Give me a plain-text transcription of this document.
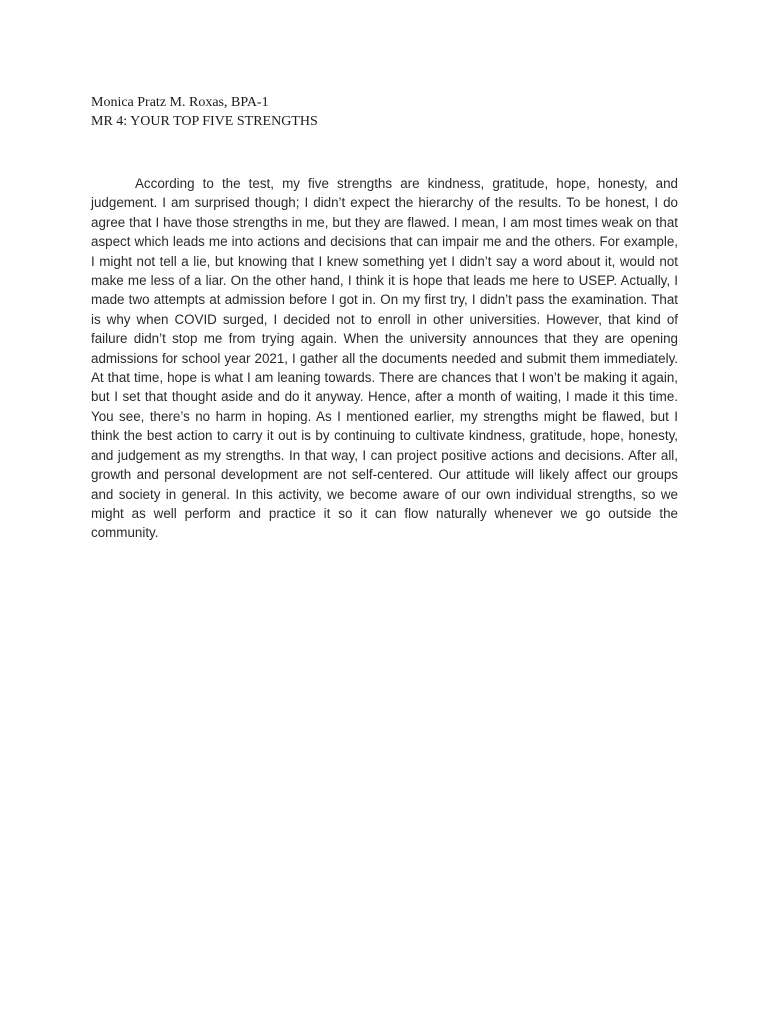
Monica Pratz M. Roxas, BPA-1
MR 4: YOUR TOP FIVE STRENGTHS

According to the test, my five strengths are kindness, gratitude, hope, honesty, and judgement. I am surprised though; I didn’t expect the hierarchy of the results. To be honest, I do agree that I have those strengths in me, but they are flawed. I mean, I am most times weak on that aspect which leads me into actions and decisions that can impair me and the others. For example, I might not tell a lie, but knowing that I knew something yet I didn’t say a word about it, would not make me less of a liar. On the other hand, I think it is hope that leads me here to USEP. Actually, I made two attempts at admission before I got in. On my first try, I didn’t pass the examination. That is why when COVID surged, I decided not to enroll in other universities. However, that kind of failure didn’t stop me from trying again. When the university announces that they are opening admissions for school year 2021, I gather all the documents needed and submit them immediately. At that time, hope is what I am leaning towards. There are chances that I won’t be making it again, but I set that thought aside and do it anyway. Hence, after a month of waiting, I made it this time. You see, there’s no harm in hoping. As I mentioned earlier, my strengths might be flawed, but I think the best action to carry it out is by continuing to cultivate kindness, gratitude, hope, honesty, and judgement as my strengths. In that way, I can project positive actions and decisions. After all, growth and personal development are not self-centered. Our attitude will likely affect our groups and society in general. In this activity, we become aware of our own individual strengths, so we might as well perform and practice it so it can flow naturally whenever we go outside the community.
